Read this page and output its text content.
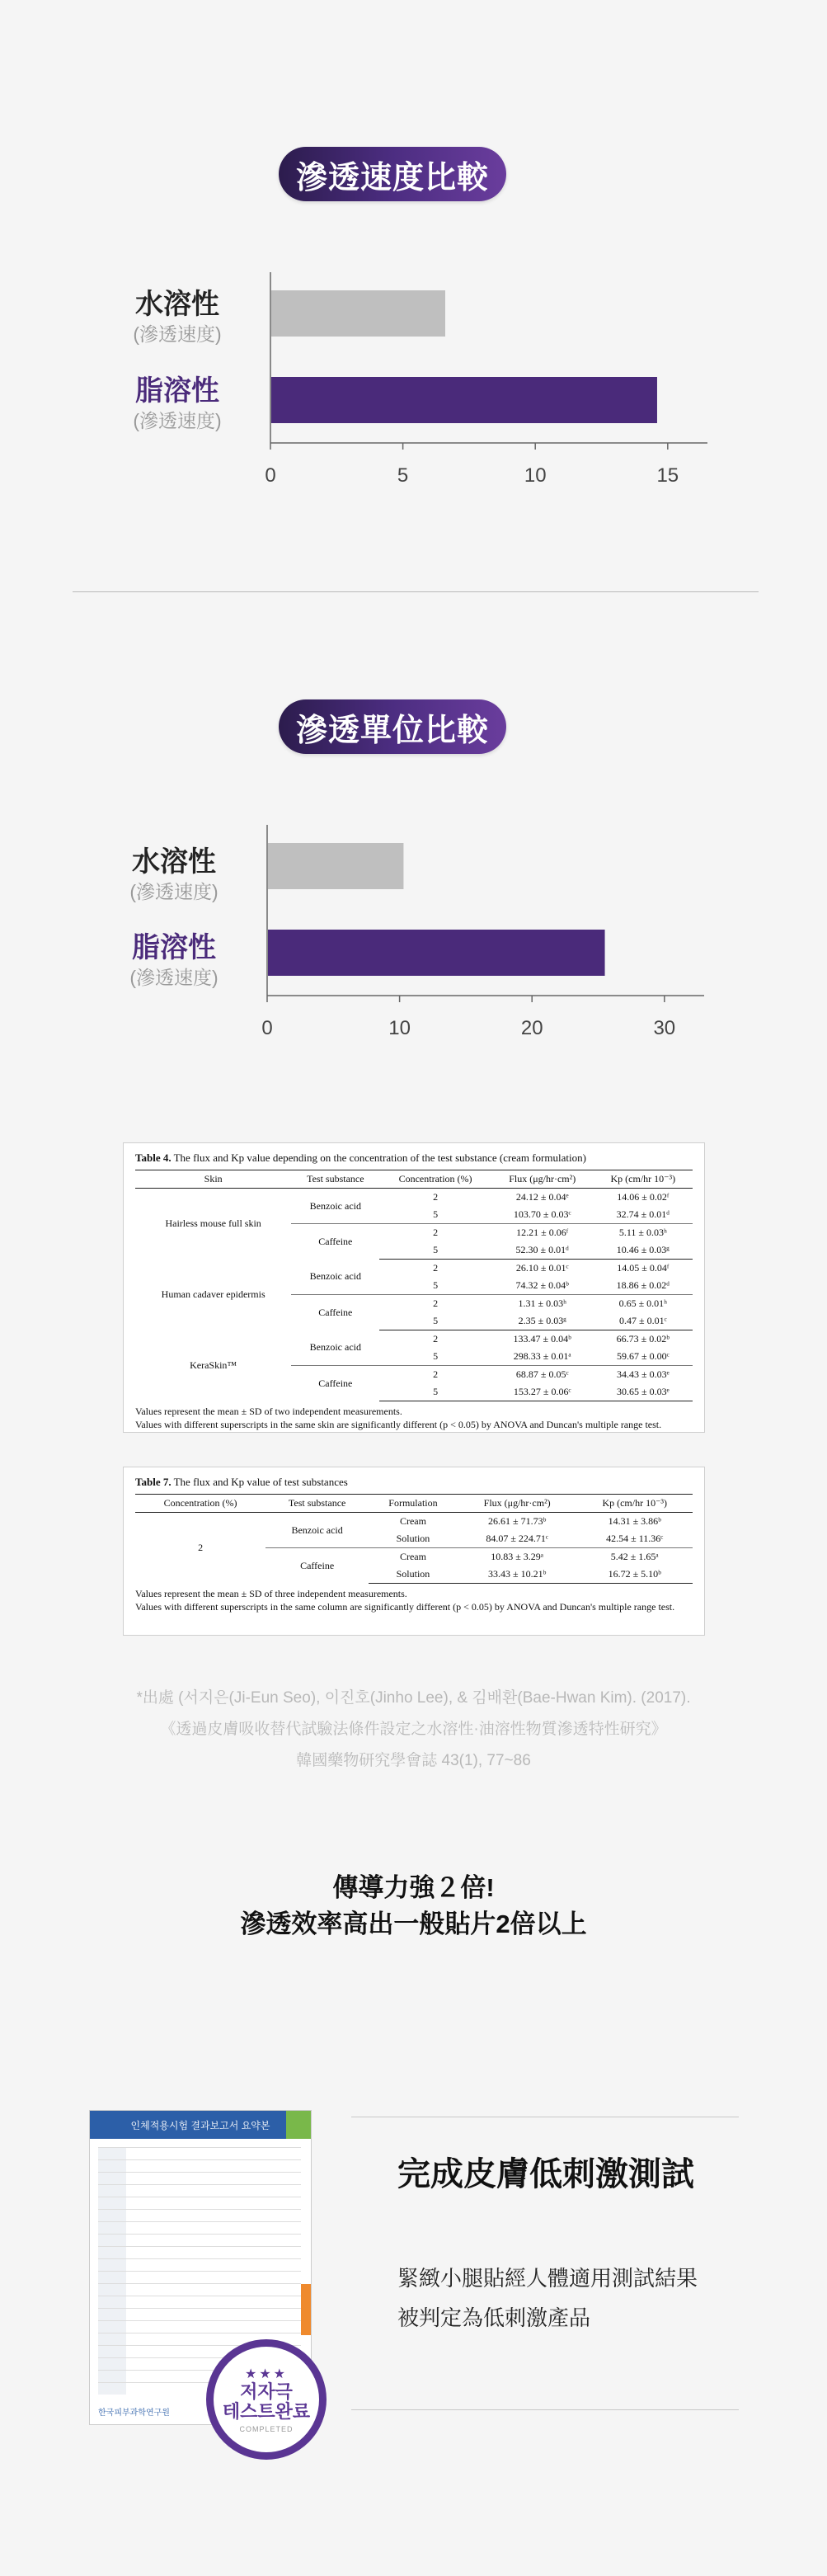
滲透速度比較
水溶性
(滲透速度)
脂溶性
(滲透速度)
0	5	10	15
滲透單位比較
水溶性
(滲透速度)
脂溶性
(滲透速度)
0	10	20	30
Table 4. The flux and Kp value depending on the concentration of the test substance (cream formulation)
Skin	Test substance	Concentration (%)	Flux (μg/hr·cm²)	Kp (cm/hr 10⁻³)
Hairless mouse full skin	Benzoic acid	2	24.12 ± 0.04ᵉ	14.06 ± 0.02ᶠ
		5	103.70 ± 0.03ᶜ	32.74 ± 0.01ᵈ
	Caffeine	2	12.21 ± 0.06ᶠ	5.11 ± 0.03ʰ
		5	52.30 ± 0.01ᵈ	10.46 ± 0.03ᵍ
Human cadaver epidermis	Benzoic acid	2	26.10 ± 0.01ᶜ	14.05 ± 0.04ᶠ
		5	74.32 ± 0.04ᵇ	18.86 ± 0.02ᵈ
	Caffeine	2	1.31 ± 0.03ʰ	0.65 ± 0.01ʰ
		5	2.35 ± 0.03ᵍ	0.47 ± 0.01ᶜ
KeraSkin™	Benzoic acid	2	133.47 ± 0.04ᵇ	66.73 ± 0.02ᵇ
		5	298.33 ± 0.01ᵃ	59.67 ± 0.00ᶜ
	Caffeine	2	68.87 ± 0.05ᶜ	34.43 ± 0.03ᵉ
		5	153.27 ± 0.06ᶜ	30.65 ± 0.03ᵉ
Values represent the mean ± SD of two independent measurements.
Values with different superscripts in the same skin are significantly different (p < 0.05) by ANOVA and Duncan's multiple range test.
Table 7. The flux and Kp value of test substances
Concentration (%)	Test substance	Formulation	Flux (μg/hr·cm²)	Kp (cm/hr 10⁻³)
2	Benzoic acid	Cream	26.61 ± 71.73ᵇ	14.31 ± 3.86ᵇ
		Solution	84.07 ± 224.71ᶜ	42.54 ± 11.36ᶜ
	Caffeine	Cream	10.83 ± 3.29ᵃ	5.42 ± 1.65ᵃ
		Solution	33.43 ± 10.21ᵇ	16.72 ± 5.10ᵇ
Values represent the mean ± SD of three independent measurements.
Values with different superscripts in the same column are significantly different (p < 0.05) by ANOVA and Duncan's multiple range test.
*出處 (서지은(Ji-Eun Seo), 이진호(Jinho Lee), & 김배환(Bae-Hwan Kim). (2017).
《透過皮膚吸收替代試驗法條件設定之水溶性·油溶性物質滲透特性研究》
韓國藥物研究學會誌 43(1), 77~86
傳導力強２倍!
滲透效率高出一般貼片2倍以上
인체적용시험 결과보고서 요약본
한국피부과학연구원
★★★
저자극
테스트완료
COMPLETED
完成皮膚低刺激測試
緊緻小腿貼經人體適用測試結果
被判定為低刺激產品
